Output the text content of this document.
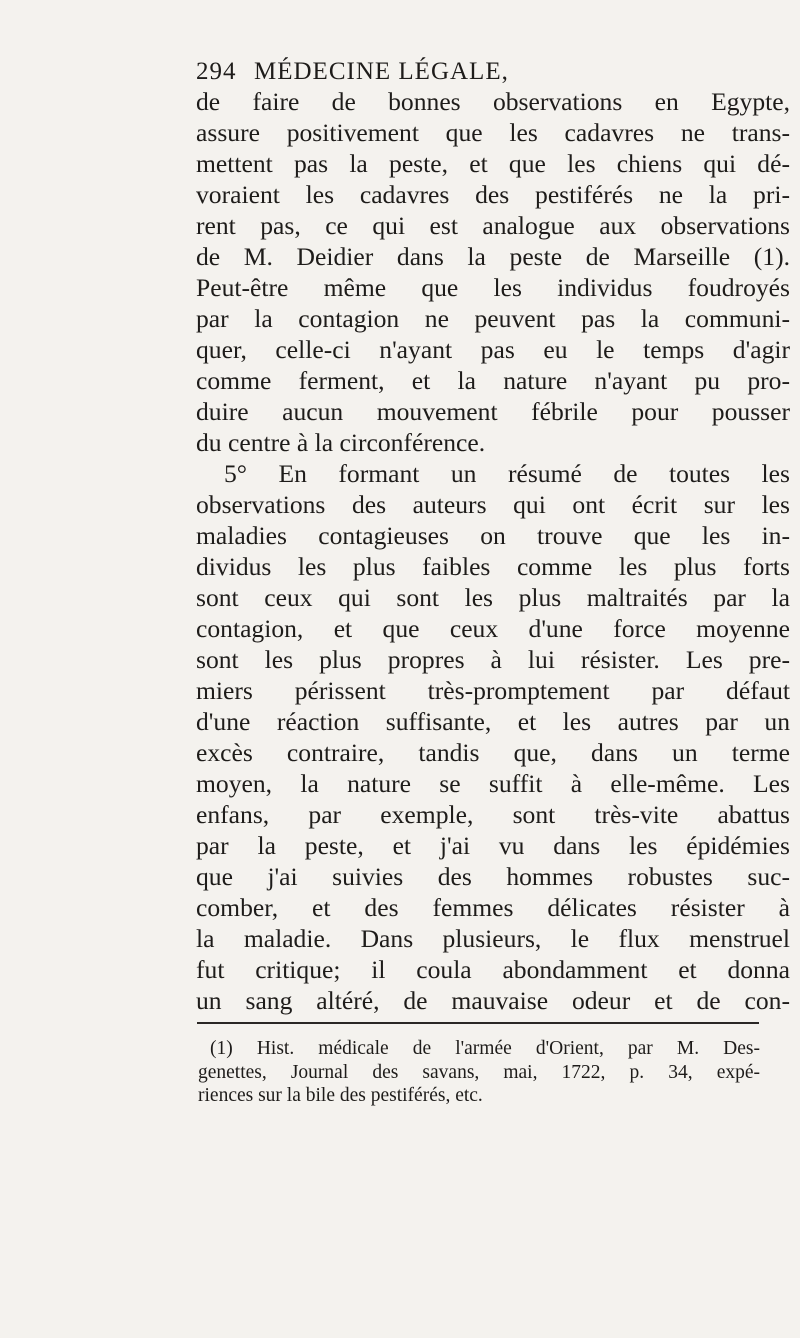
294 MÉDECINE LÉGALE,
de faire de bonnes observations en Egypte,
assure positivement que les cadavres ne trans-
mettent pas la peste, et que les chiens qui dé-
voraient les cadavres des pestiférés ne la pri-
rent pas, ce qui est analogue aux observations
de M. Deidier dans la peste de Marseille (1).
Peut-être même que les individus foudroyés
par la contagion ne peuvent pas la communi-
quer, celle-ci n'ayant pas eu le temps d'agir
comme ferment, et la nature n'ayant pu pro-
duire aucun mouvement fébrile pour pousser
du centre à la circonférence.
5° En formant un résumé de toutes les
observations des auteurs qui ont écrit sur les
maladies contagieuses on trouve que les in-
dividus les plus faibles comme les plus forts
sont ceux qui sont les plus maltraités par la
contagion, et que ceux d'une force moyenne
sont les plus propres à lui résister. Les pre-
miers périssent très-promptement par défaut
d'une réaction suffisante, et les autres par un
excès contraire, tandis que, dans un terme
moyen, la nature se suffit à elle-même. Les
enfans, par exemple, sont très-vite abattus
par la peste, et j'ai vu dans les épidémies
que j'ai suivies des hommes robustes suc-
comber, et des femmes délicates résister à
la maladie. Dans plusieurs, le flux menstruel
fut critique; il coula abondamment et donna
un sang altéré, de mauvaise odeur et de con-
(1) Hist. médicale de l'armée d'Orient, par M. Des-
genettes, Journal des savans, mai, 1722, p. 34, expé-
riences sur la bile des pestiférés, etc.
